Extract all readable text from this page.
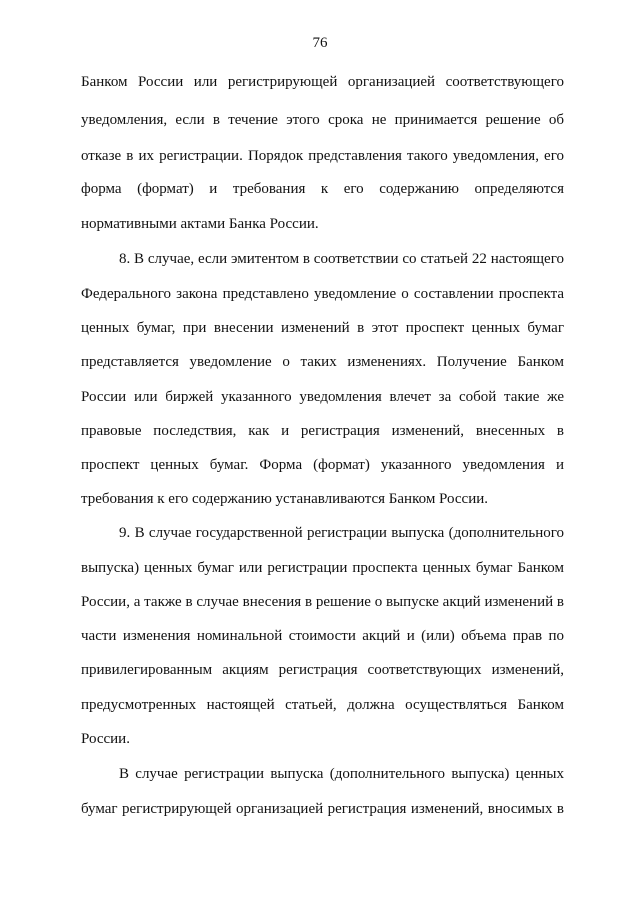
76
Банком России или регистрирующей организацией соответствующего
уведомления, если в течение этого срока не принимается решение об
отказе в их регистрации. Порядок представления такого уведомления, его
форма (формат) и требования к его содержанию определяются
нормативными актами Банка России.
8. В случае, если эмитентом в соответствии со статьей 22 настоящего
Федерального закона представлено уведомление о составлении проспекта
ценных бумаг, при внесении изменений в этот проспект ценных бумаг
представляется уведомление о таких изменениях. Получение Банком
России или биржей указанного уведомления влечет за собой такие же
правовые последствия, как и регистрация изменений, внесенных в
проспект ценных бумаг. Форма (формат) указанного уведомления и
требования к его содержанию устанавливаются Банком России.
9. В случае государственной регистрации выпуска (дополнительного
выпуска) ценных бумаг или регистрации проспекта ценных бумаг Банком
России, а также в случае внесения в решение о выпуске акций изменений в
части изменения номинальной стоимости акций и (или) объема прав по
привилегированным акциям регистрация соответствующих изменений,
предусмотренных настоящей статьей, должна осуществляться Банком
России.
В случае регистрации выпуска (дополнительного выпуска) ценных
бумаг регистрирующей организацией регистрация изменений, вносимых в
